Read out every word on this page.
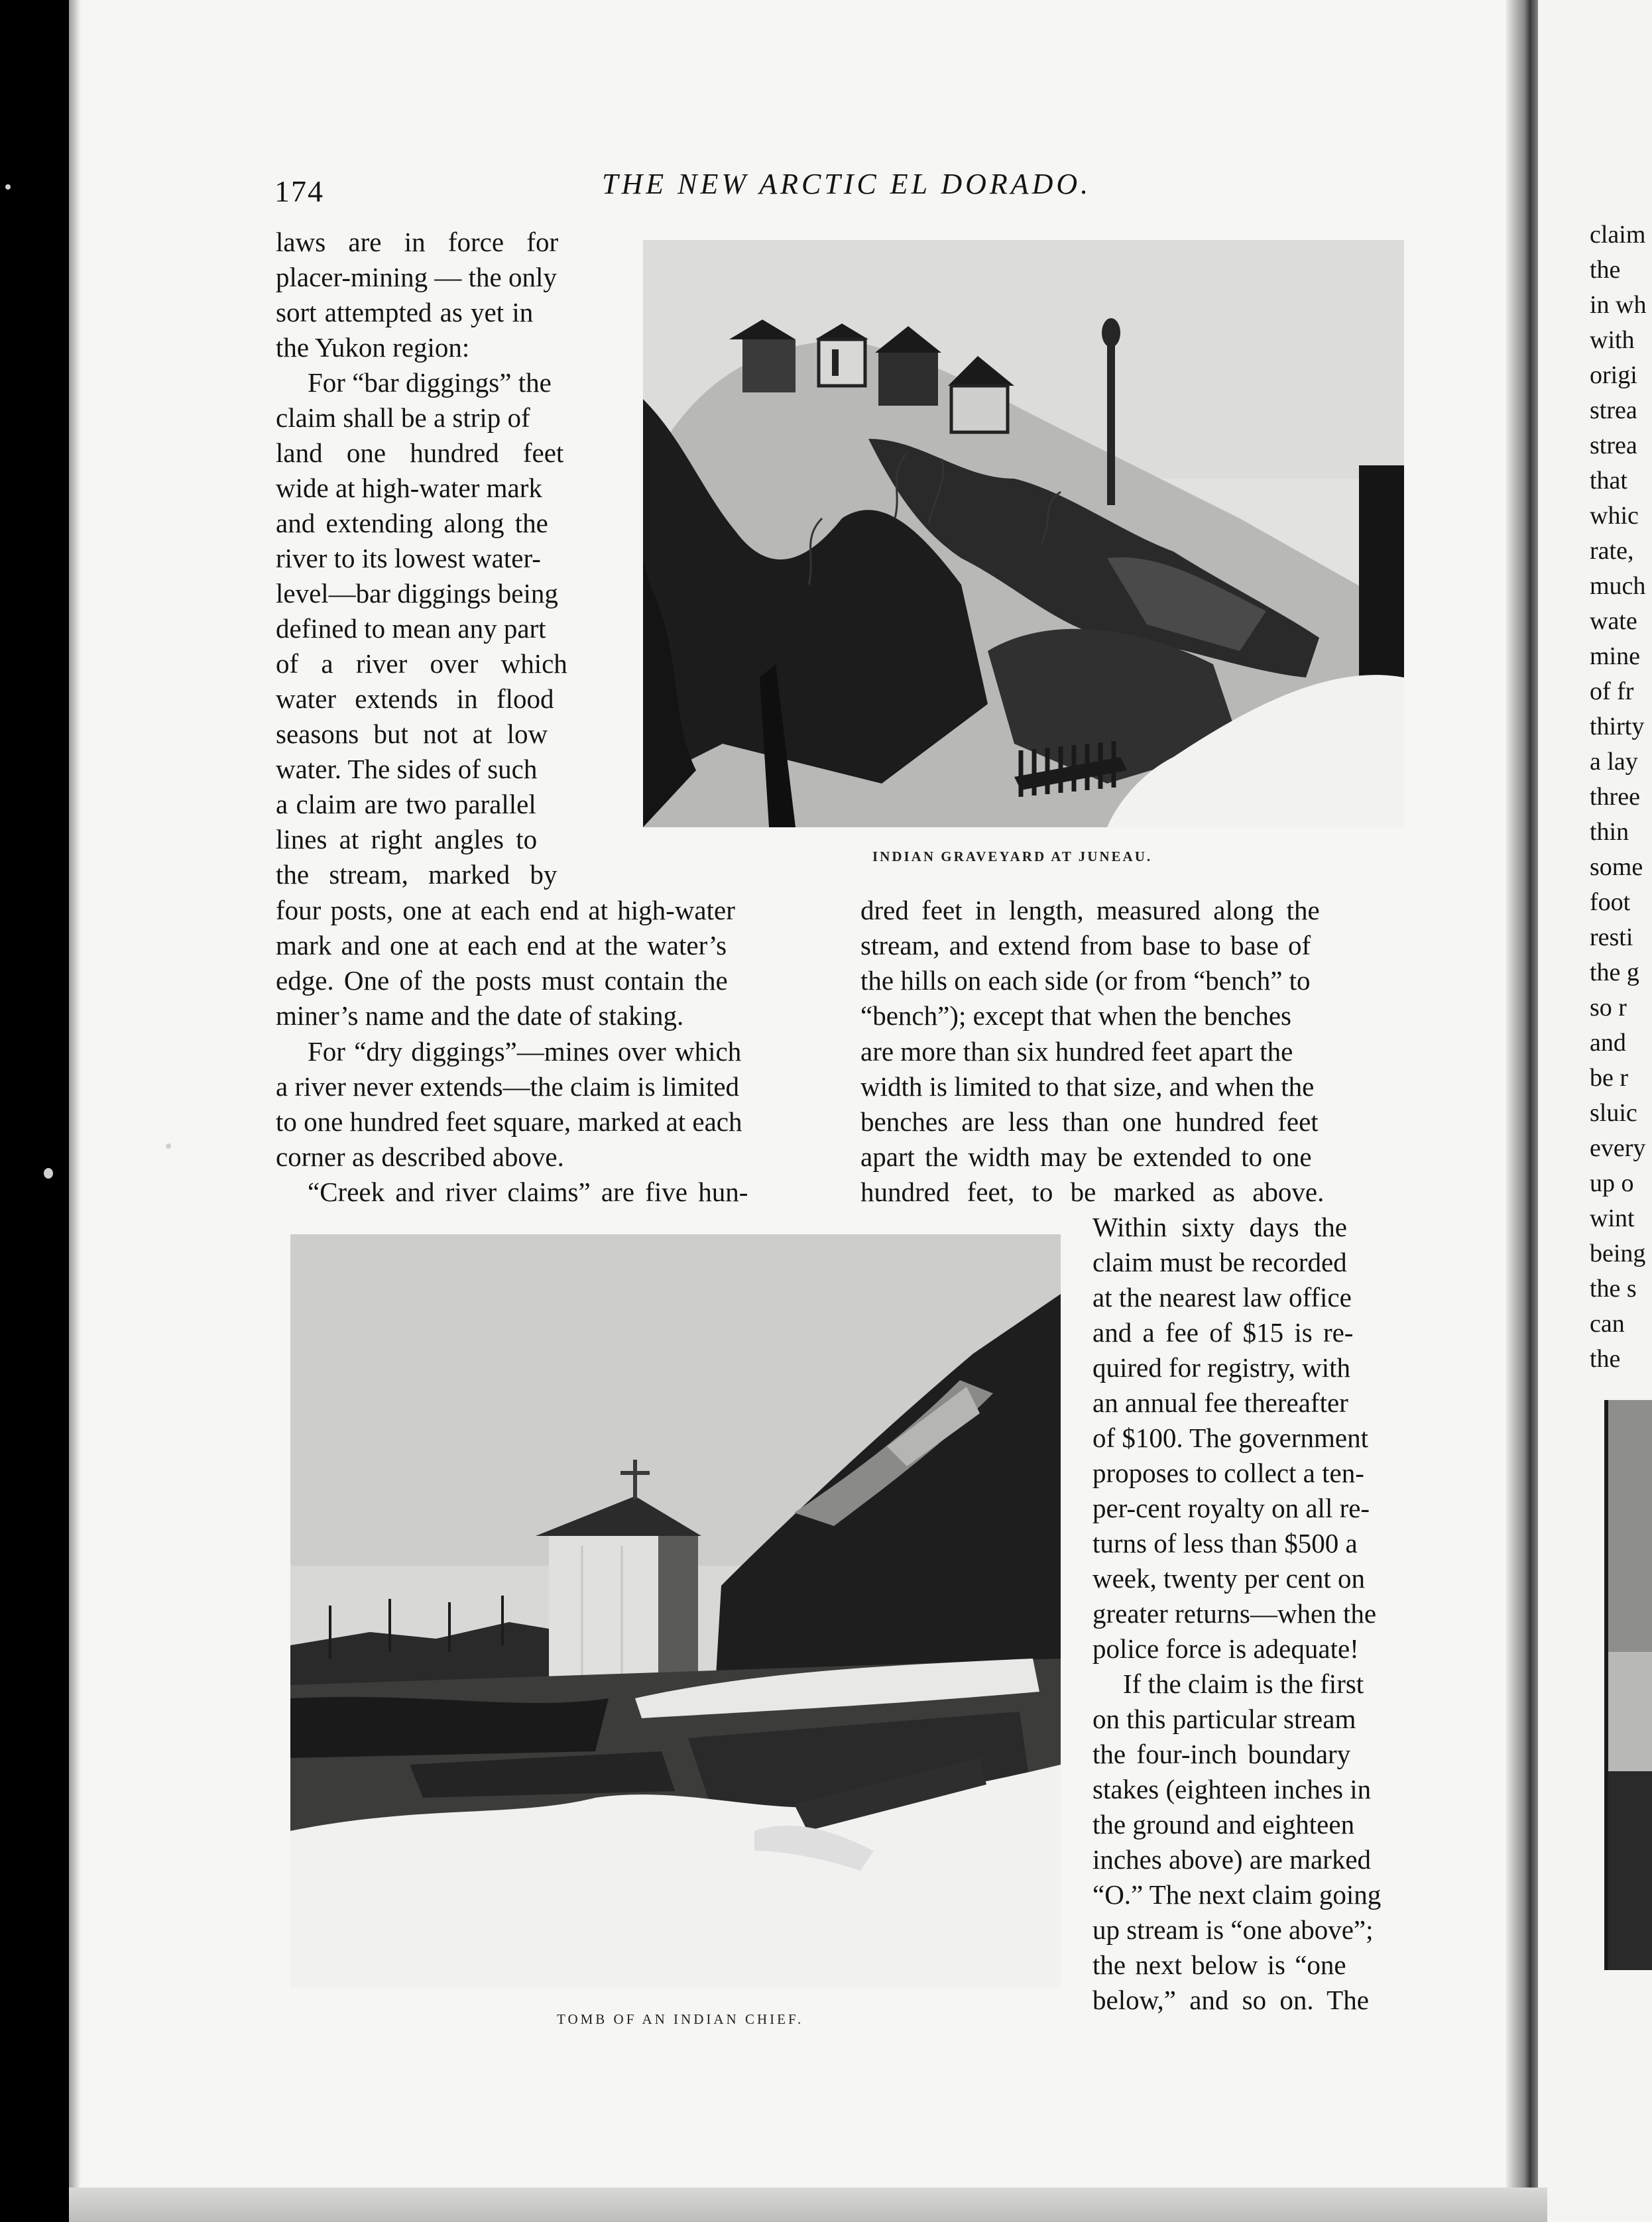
174	THE NEW ARCTIC EL DORADO.
INDIAN GRAVEYARD AT JUNEAU.
TOMB OF AN INDIAN CHIEF.
laws are in force for
placer-mining — the only
sort attempted as yet in
the Yukon region:
For “bar diggings” the
claim shall be a strip of
land one hundred feet
wide at high-water mark
and extending along the
river to its lowest water-
level—bar diggings being
defined to mean any part
of a river over which
water extends in flood
seasons but not at low
water. The sides of such
a claim are two parallel
lines at right angles to
the stream, marked by
four posts, one at each end at high-water
mark and one at each end at the water’s
edge. One of the posts must contain the
miner’s name and the date of staking.
For “dry diggings”—mines over which
a river never extends—the claim is limited
to one hundred feet square, marked at each
corner as described above.
“Creek and river claims” are five hun-
dred feet in length, measured along the
stream, and extend from base to base of
the hills on each side (or from “bench” to
“bench”); except that when the benches
are more than six hundred feet apart the
width is limited to that size, and when the
benches are less than one hundred feet
apart the width may be extended to one
hundred feet, to be marked as above.
Within sixty days the
claim must be recorded
at the nearest law office
and a fee of $15 is re-
quired for registry, with
an annual fee thereafter
of $100. The government
proposes to collect a ten-
per-cent royalty on all re-
turns of less than $500 a
week, twenty per cent on
greater returns—when the
police force is adequate!
If the claim is the first
on this particular stream
the four-inch boundary
stakes (eighteen inches in
the ground and eighteen
inches above) are marked
“O.” The next claim going
up stream is “one above”;
the next below is “one
below,” and so on. The
claim
the
in wh
with
origi
strea
strea
that
whic
rate,
much
wate
mine
of fr
thirty
a lay
three
thin
some
foot
resti
the g
so r
and
be r
sluic
every
up o
wint
being
the s
can
the
